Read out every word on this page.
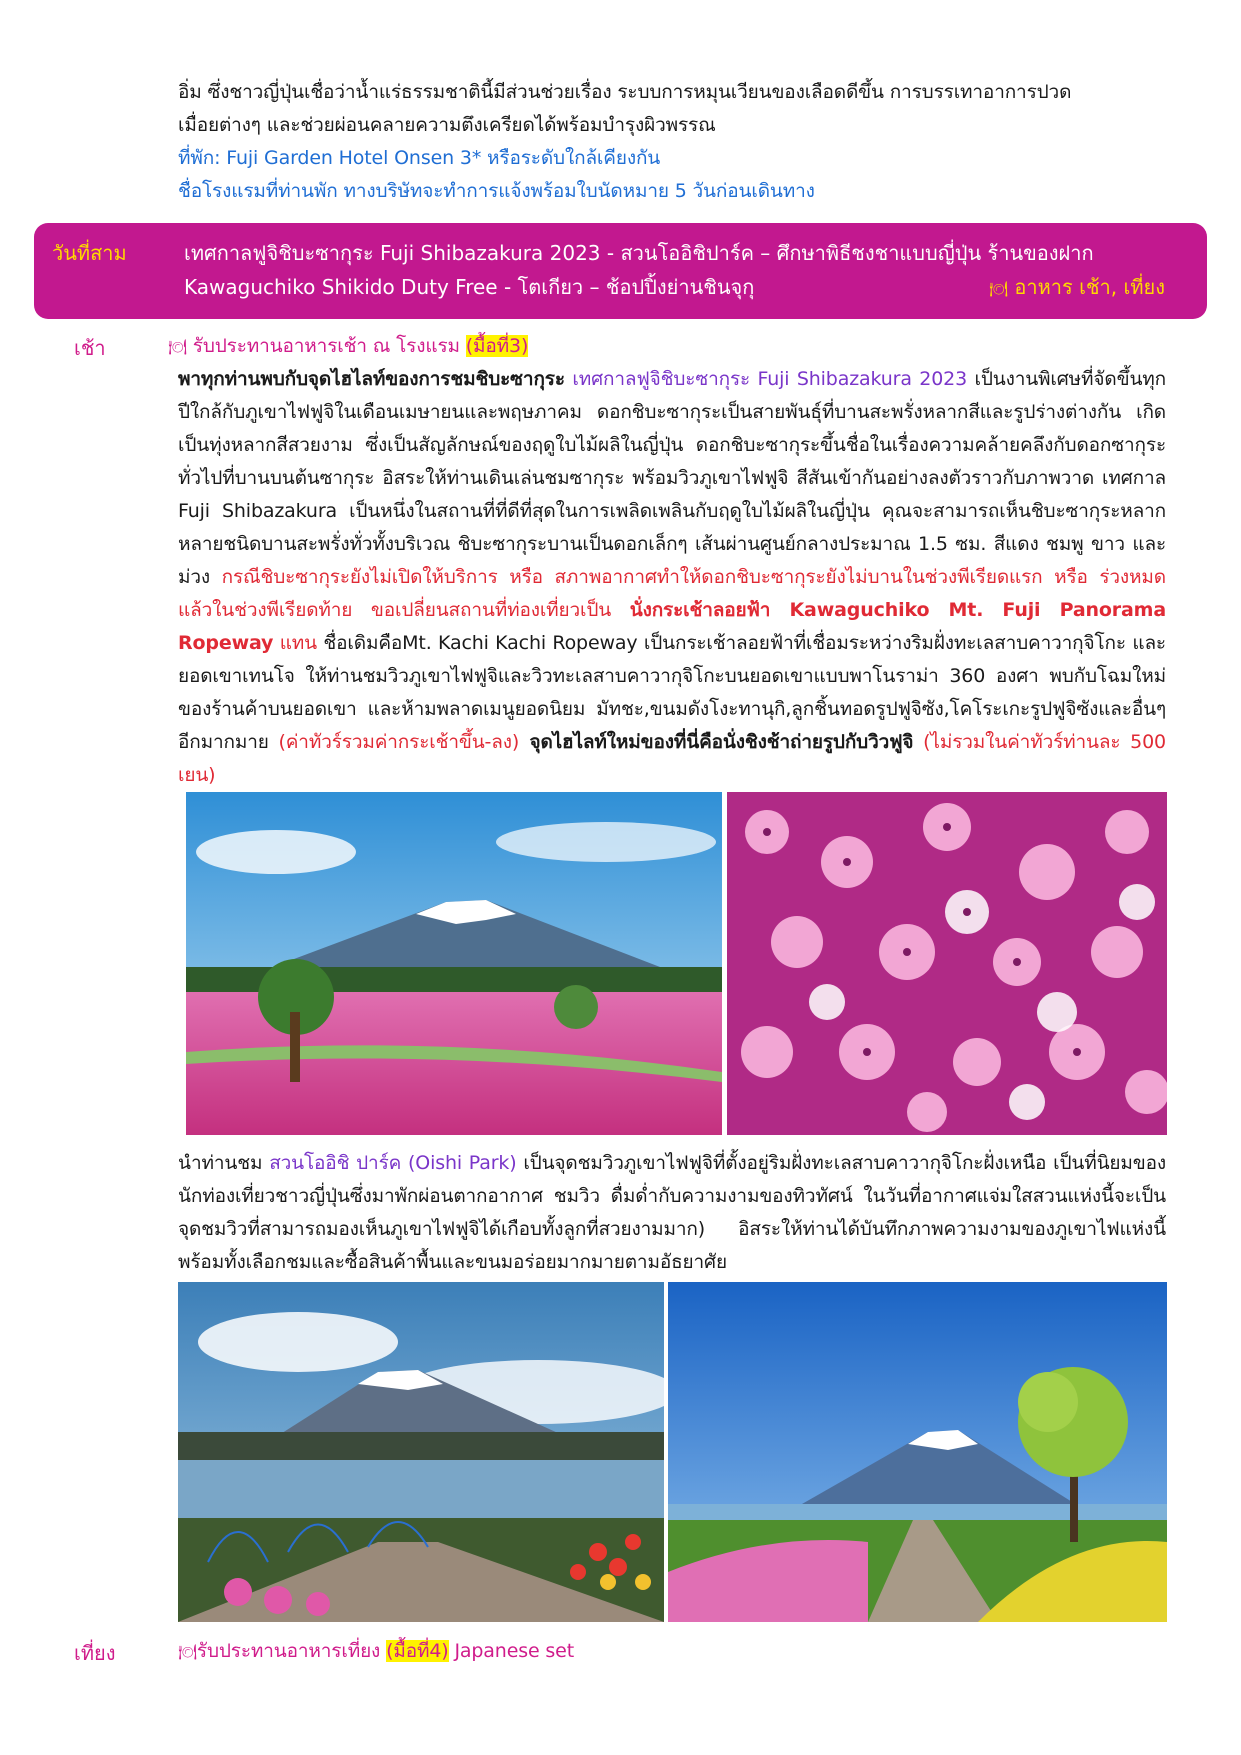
อิ่ม ซึ่งชาวญี่ปุ่นเชื่อว่าน้ำแร่ธรรมชาตินี้มีส่วนช่วยเรื่อง ระบบการหมุนเวียนของเลือดดีขึ้น การบรรเทาอาการปวด
เมื่อยต่างๆ และช่วยผ่อนคลายความตึงเครียดได้พร้อมบำรุงผิวพรรณ
ที่พัก: Fuji Garden Hotel Onsen 3* หรือระดับใกล้เคียงกัน
ชื่อโรงแรมที่ท่านพัก ทางบริษัทจะทำการแจ้งพร้อมใบนัดหมาย 5 วันก่อนเดินทาง
วันที่สาม	เทศกาลฟูจิชิบะซากุระ Fuji Shibazakura 2023 - สวนโออิชิปาร์ค – ศึกษาพิธีชงชาแบบญี่ปุ่น ร้านของฝาก
Kawaguchiko Shikido Duty Free - โตเกียว – ช้อปปิ้งย่านชินจุกุ	🍽 อาหาร เช้า, เที่ยง
เช้า	🍽 รับประทานอาหารเช้า ณ โรงแรม (มื้อที่3)
พาทุกท่านพบกับจุดไฮไลท์ของการชมชิบะซากุระ เทศกาลฟูจิชิบะซากุระ Fuji Shibazakura 2023 เป็นงานพิเศษที่จัดขึ้นทุกปีใกล้กับภูเขาไฟฟูจิในเดือนเมษายนและพฤษภาคม ดอกชิบะซากุระเป็นสายพันธุ์ที่บานสะพรั่งหลากสีและรูปร่างต่างกัน เกิดเป็นทุ่งหลากสีสวยงาม ซึ่งเป็นสัญลักษณ์ของฤดูใบไม้ผลิในญี่ปุ่น ดอกชิบะซากุระขึ้นชื่อในเรื่องความคล้ายคลึงกับดอกซากุระทั่วไปที่บานบนต้นซากุระ อิสระให้ท่านเดินเล่นชมซากุระ พร้อมวิวภูเขาไฟฟูจิ สีสันเข้ากันอย่างลงตัวราวกับภาพวาด เทศกาล Fuji Shibazakura เป็นหนึ่งในสถานที่ที่ดีที่สุดในการเพลิดเพลินกับฤดูใบไม้ผลิในญี่ปุ่น คุณจะสามารถเห็นชิบะซากุระหลากหลายชนิดบานสะพรั่งทั่วทั้งบริเวณ ชิบะซากุระบานเป็นดอกเล็กๆ เส้นผ่านศูนย์กลางประมาณ 1.5 ซม. สีแดง ชมพู ขาว และม่วง กรณีชิบะซากุระยังไม่เปิดให้บริการ หรือ สภาพอากาศทำให้ดอกชิบะซากุระยังไม่บานในช่วงพีเรียดแรก หรือ ร่วงหมดแล้วในช่วงพีเรียดท้าย ขอเปลี่ยนสถานที่ท่องเที่ยวเป็น นั่งกระเช้าลอยฟ้า Kawaguchiko Mt. Fuji Panorama Ropeway แทน ชื่อเดิมคือMt. Kachi Kachi Ropeway เป็นกระเช้าลอยฟ้าที่เชื่อมระหว่างริมฝั่งทะเลสาบคาวากุจิโกะ และยอดเขาเทนโจ ให้ท่านชมวิวภูเขาไฟฟูจิและวิวทะเลสาบคาวากุจิโกะบนยอดเขาแบบพาโนราม่า 360 องศา พบกับโฉมใหม่ของร้านค้าบนยอดเขา และห้ามพลาดเมนูยอดนิยม มัทชะ,ขนมดังโงะทานุกิ,ลูกชิ้นทอดรูปฟูจิซัง,โคโระเกะรูปฟูจิซังและอื่นๆอีกมากมาย (ค่าทัวร์รวมค่ากระเช้าขึ้น-ลง) จุดไฮไลท์ใหม่ของที่นี่คือนั่งชิงช้าถ่ายรูปกับวิวฟูจิ (ไม่รวมในค่าทัวร์ท่านละ 500 เยน)
นำท่านชม สวนโออิชิ ปาร์ค (Oishi Park) เป็นจุดชมวิวภูเขาไฟฟูจิที่ตั้งอยู่ริมฝั่งทะเลสาบคาวากุจิโกะฝั่งเหนือ เป็นที่นิยมของนักท่องเที่ยวชาวญี่ปุ่นซึ่งมาพักผ่อนตากอากาศ ชมวิว ดื่มด่ำกับความงามของทิวทัศน์ ในวันที่อากาศแจ่มใสสวนแห่งนี้จะเป็นจุดชมวิวที่สามารถมองเห็นภูเขาไฟฟูจิได้เกือบทั้งลูกที่สวยงามมาก) อิสระให้ท่านได้บันทึกภาพความงามของภูเขาไฟแห่งนี้ พร้อมทั้งเลือกชมและซื้อสินค้าพื้นและขนมอร่อยมากมายตามอัธยาศัย
เที่ยง	🍽รับประทานอาหารเที่ยง (มื้อที่4) Japanese set
